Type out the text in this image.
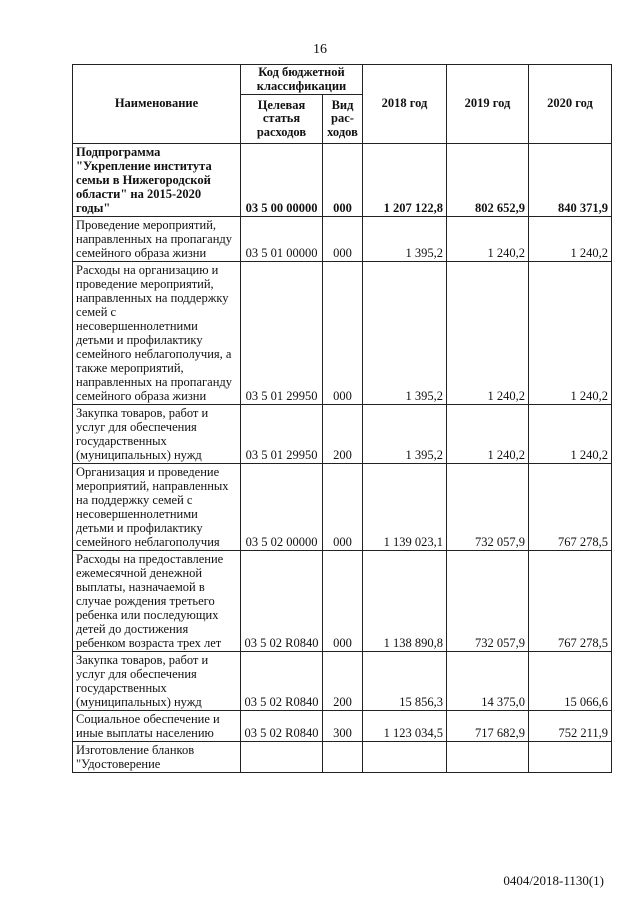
16
Наименование	Код бюджетной классификации		2018 год	2019 год	2020 год
	Целевая статья расходов	Вид рас-ходов			
Подпрограмма "Укрепление института семьи в Нижегородской области" на 2015-2020 годы"	03 5 00 00000	000	1 207 122,8	802 652,9	840 371,9
Проведение мероприятий, направленных на пропаганду семейного образа жизни	03 5 01 00000	000	1 395,2	1 240,2	1 240,2
Расходы на организацию и проведение мероприятий, направленных на поддержку семей с несовершеннолетними детьми и профилактику семейного неблагополучия, а также мероприятий, направленных на пропаганду семейного образа жизни	03 5 01 29950	000	1 395,2	1 240,2	1 240,2
Закупка товаров, работ и услуг для обеспечения государственных (муниципальных) нужд	03 5 01 29950	200	1 395,2	1 240,2	1 240,2
Организация и проведение мероприятий, направленных на поддержку семей с несовершеннолетними детьми и профилактику семейного неблагополучия	03 5 02 00000	000	1 139 023,1	732 057,9	767 278,5
Расходы на предоставление ежемесячной денежной выплаты, назначаемой в случае рождения третьего ребенка или последующих детей до достижения ребенком возраста трех лет	03 5 02 R0840	000	1 138 890,8	732 057,9	767 278,5
Закупка товаров, работ и услуг для обеспечения государственных (муниципальных) нужд	03 5 02 R0840	200	15 856,3	14 375,0	15 066,6
Социальное обеспечение и иные выплаты населению	03 5 02 R0840	300	1 123 034,5	717 682,9	752 211,9
Изготовление бланков "Удостоверение					
0404/2018-1130(1)
